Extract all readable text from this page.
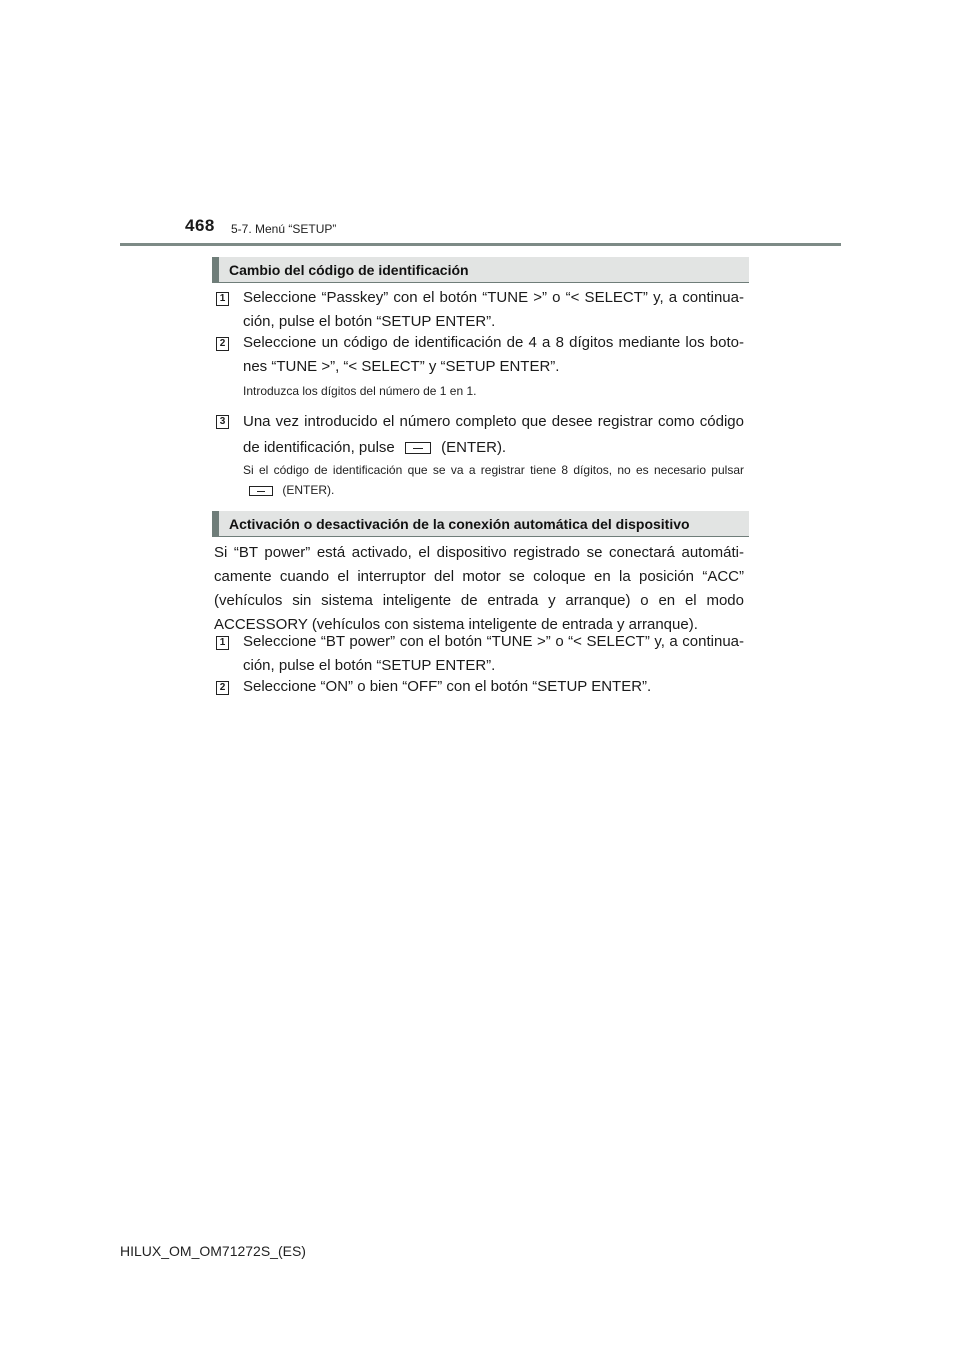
468 5-7. Menú “SETUP”
Cambio del código de identificación
1 Seleccione “Passkey” con el botón “TUNE >” o “< SELECT” y, a continua-ción, pulse el botón “SETUP ENTER”.
2 Seleccione un código de identificación de 4 a 8 dígitos mediante los boto-nes “TUNE >”, “< SELECT” y “SETUP ENTER”.
Introduzca los dígitos del número de 1 en 1.
3 Una vez introducido el número completo que desee registrar como código de identificación, pulse	(ENTER).
Si el código de identificación que se va a registrar tiene 8 dígitos, no es necesario pulsar  (ENTER).
Activación o desactivación de la conexión automática del dispositivo
Si “BT power” está activado, el dispositivo registrado se conectará automáti-camente cuando el interruptor del motor se coloque en la posición “ACC” (vehículos sin sistema inteligente de entrada y arranque) o en el modo ACCESSORY (vehículos con sistema inteligente de entrada y arranque).
1 Seleccione “BT power” con el botón “TUNE >” o “< SELECT” y, a continua-ción, pulse el botón “SETUP ENTER”.
2 Seleccione “ON” o bien “OFF” con el botón “SETUP ENTER”.
HILUX_OM_OM71272S_(ES)
